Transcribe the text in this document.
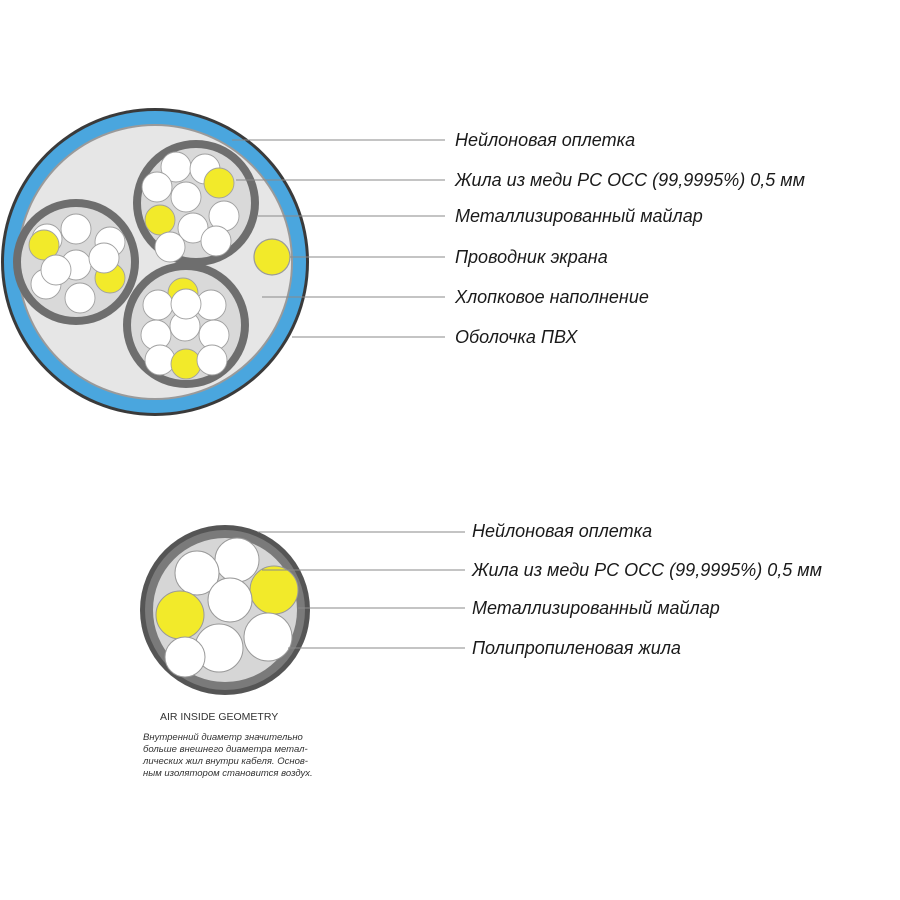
Нейлоновая оплетка
Жила из меди PC OCC (99,9995%) 0,5 мм
Металлизированный майлар
Проводник экрана
Хлопковое наполнение
Оболочка ПВХ
Нейлоновая оплетка
Жила из меди PC OCC (99,9995%) 0,5 мм
Металлизированный майлар
Полипропиленовая жила
AIR INSIDE GEOMETRY
Внутренний диаметр значительно
больше внешнего диаметра метал-
лических жил внутри кабеля. Основ-
ным изолятором становится воздух.
